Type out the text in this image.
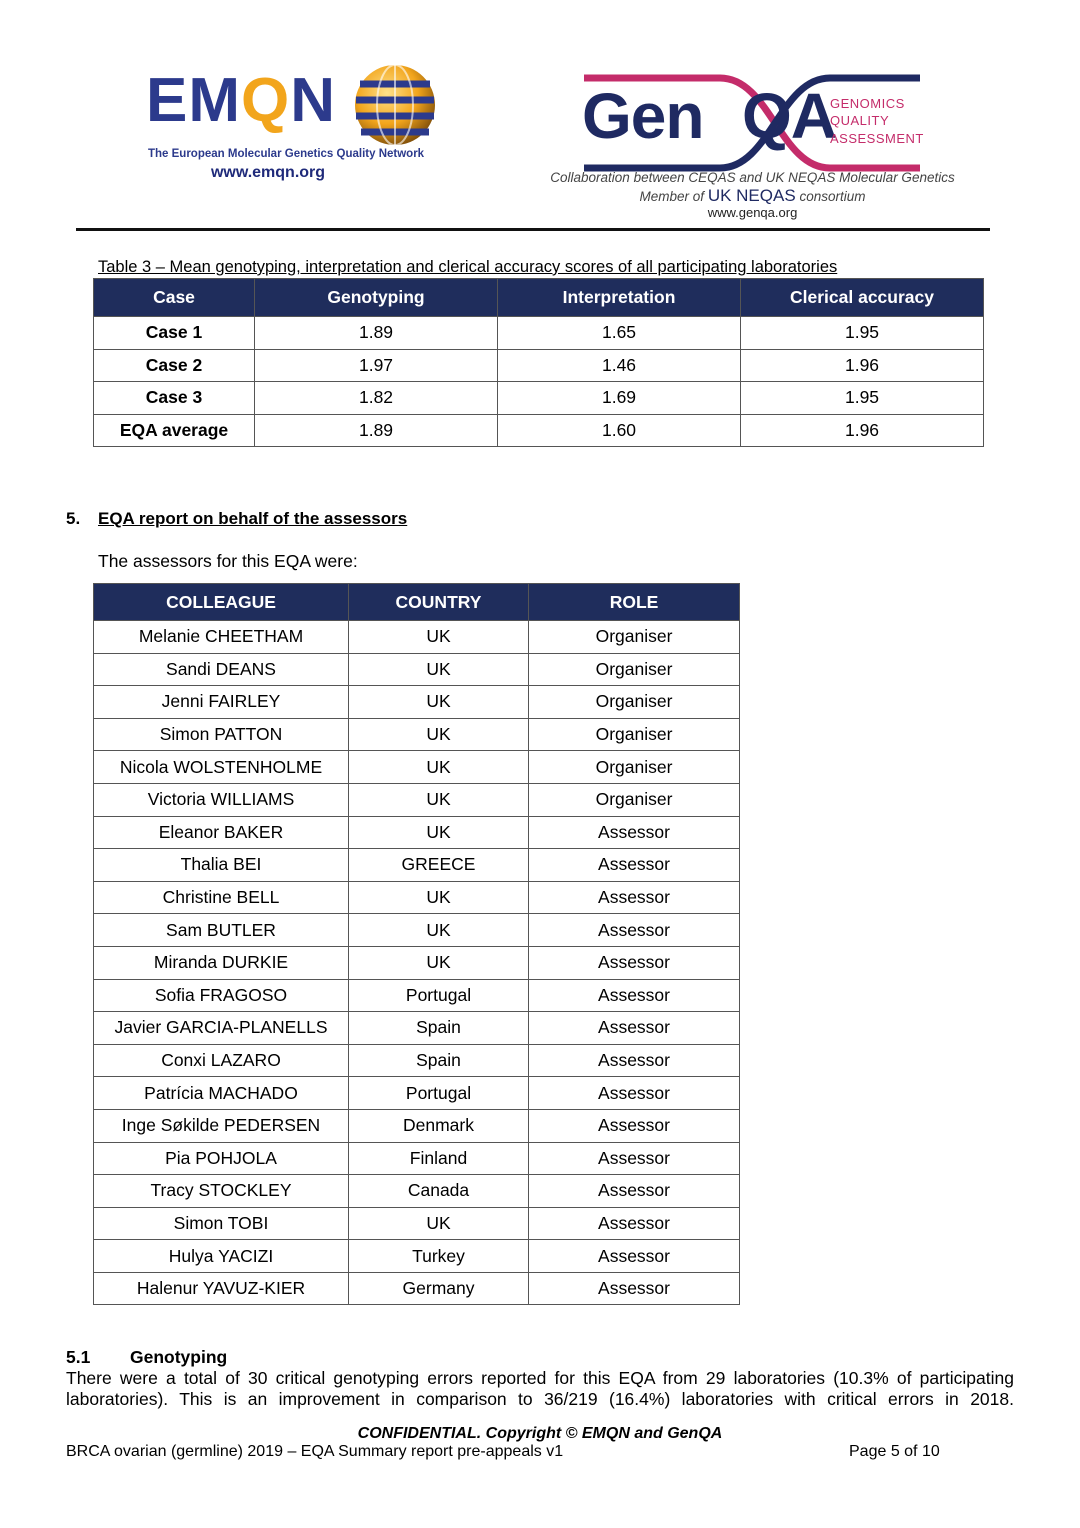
EMQN
The European Molecular Genetics Quality Network
www.emqn.org
Gen QA
GENOMICS
QUALITY
ASSESSMENT
Collaboration between CEQAS and UK NEQAS Molecular Genetics
Member of UK NEQAS consortium
www.genqa.org
Table 3 – Mean genotyping, interpretation and clerical accuracy scores of all participating laboratories
Case	Genotyping	Interpretation	Clerical accuracy
Case 1	1.89	1.65	1.95
Case 2	1.97	1.46	1.96
Case 3	1.82	1.69	1.95
EQA average	1.89	1.60	1.96
5. EQA report on behalf of the assessors
The assessors for this EQA were:
COLLEAGUE	COUNTRY	ROLE
Melanie CHEETHAM	UK	Organiser
Sandi DEANS	UK	Organiser
Jenni FAIRLEY	UK	Organiser
Simon PATTON	UK	Organiser
Nicola WOLSTENHOLME	UK	Organiser
Victoria WILLIAMS	UK	Organiser
Eleanor BAKER	UK	Assessor
Thalia BEI	GREECE	Assessor
Christine BELL	UK	Assessor
Sam BUTLER	UK	Assessor
Miranda DURKIE	UK	Assessor
Sofia FRAGOSO	Portugal	Assessor
Javier GARCIA-PLANELLS	Spain	Assessor
Conxi LAZARO	Spain	Assessor
Patrícia MACHADO	Portugal	Assessor
Inge Søkilde PEDERSEN	Denmark	Assessor
Pia POHJOLA	Finland	Assessor
Tracy STOCKLEY	Canada	Assessor
Simon TOBI	UK	Assessor
Hulya YACIZI	Turkey	Assessor
Halenur YAVUZ-KIER	Germany	Assessor
5.1 Genotyping
There were a total of 30 critical genotyping errors reported for this EQA from 29 laboratories (10.3% of participating laboratories). This is an improvement in comparison to 36/219 (16.4%) laboratories with critical errors in 2018.
CONFIDENTIAL. Copyright © EMQN and GenQA
BRCA ovarian (germline) 2019 – EQA Summary report pre-appeals v1	Page 5 of 10
